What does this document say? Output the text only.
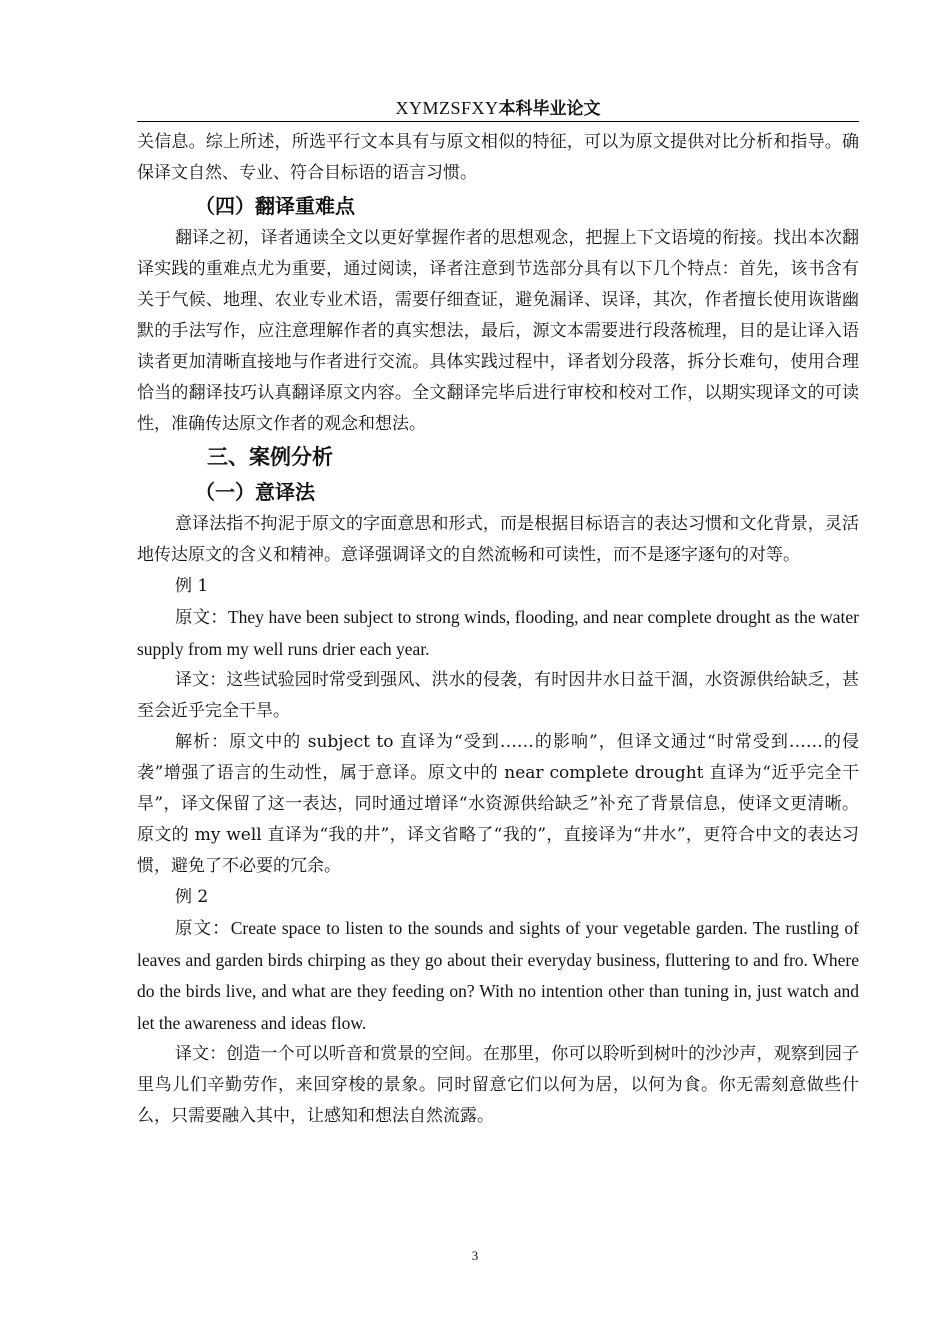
XYMZSFXY本科毕业论文

关信息。综上所述，所选平行文本具有与原文相似的特征，可以为原文提供对比分析和指导。确保译文自然、专业、符合目标语的语言习惯。

（四）翻译重难点

翻译之初，译者通读全文以更好掌握作者的思想观念，把握上下文语境的衔接。找出本次翻译实践的重难点尤为重要，通过阅读，译者注意到节选部分具有以下几个特点：首先，该书含有关于气候、地理、农业专业术语，需要仔细查证，避免漏译、误译，其次，作者擅长使用诙谐幽默的手法写作，应注意理解作者的真实想法，最后，源文本需要进行段落梳理，目的是让译入语读者更加清晰直接地与作者进行交流。具体实践过程中，译者划分段落，拆分长难句，使用合理恰当的翻译技巧认真翻译原文内容。全文翻译完毕后进行审校和校对工作，以期实现译文的可读性，准确传达原文作者的观念和想法。

三、案例分析

（一）意译法

意译法指不拘泥于原文的字面意思和形式，而是根据目标语言的表达习惯和文化背景，灵活地传达原文的含义和精神。意译强调译文的自然流畅和可读性，而不是逐字逐句的对等。

例 1

原文：They have been subject to strong winds, flooding, and near complete drought as the water supply from my well runs drier each year.

译文：这些试验园时常受到强风、洪水的侵袭，有时因井水日益干涸，水资源供给缺乏，甚至会近乎完全干旱。

解析：原文中的 subject to 直译为“受到……的影响”，但译文通过“时常受到……的侵袭”增强了语言的生动性，属于意译。原文中的 near complete drought 直译为“近乎完全干旱”，译文保留了这一表达，同时通过增译“水资源供给缺乏”补充了背景信息，使译文更清晰。原文的 my well 直译为“我的井”，译文省略了“我的”，直接译为“井水”，更符合中文的表达习惯，避免了不必要的冗余。

例 2

原文：Create space to listen to the sounds and sights of your vegetable garden. The rustling of leaves and garden birds chirping as they go about their everyday business, fluttering to and fro. Where do the birds live, and what are they feeding on? With no intention other than tuning in, just watch and let the awareness and ideas flow.

译文：创造一个可以听音和赏景的空间。在那里，你可以聆听到树叶的沙沙声，观察到园子里鸟儿们辛勤劳作，来回穿梭的景象。同时留意它们以何为居，以何为食。你无需刻意做些什么，只需要融入其中，让感知和想法自然流露。

3
